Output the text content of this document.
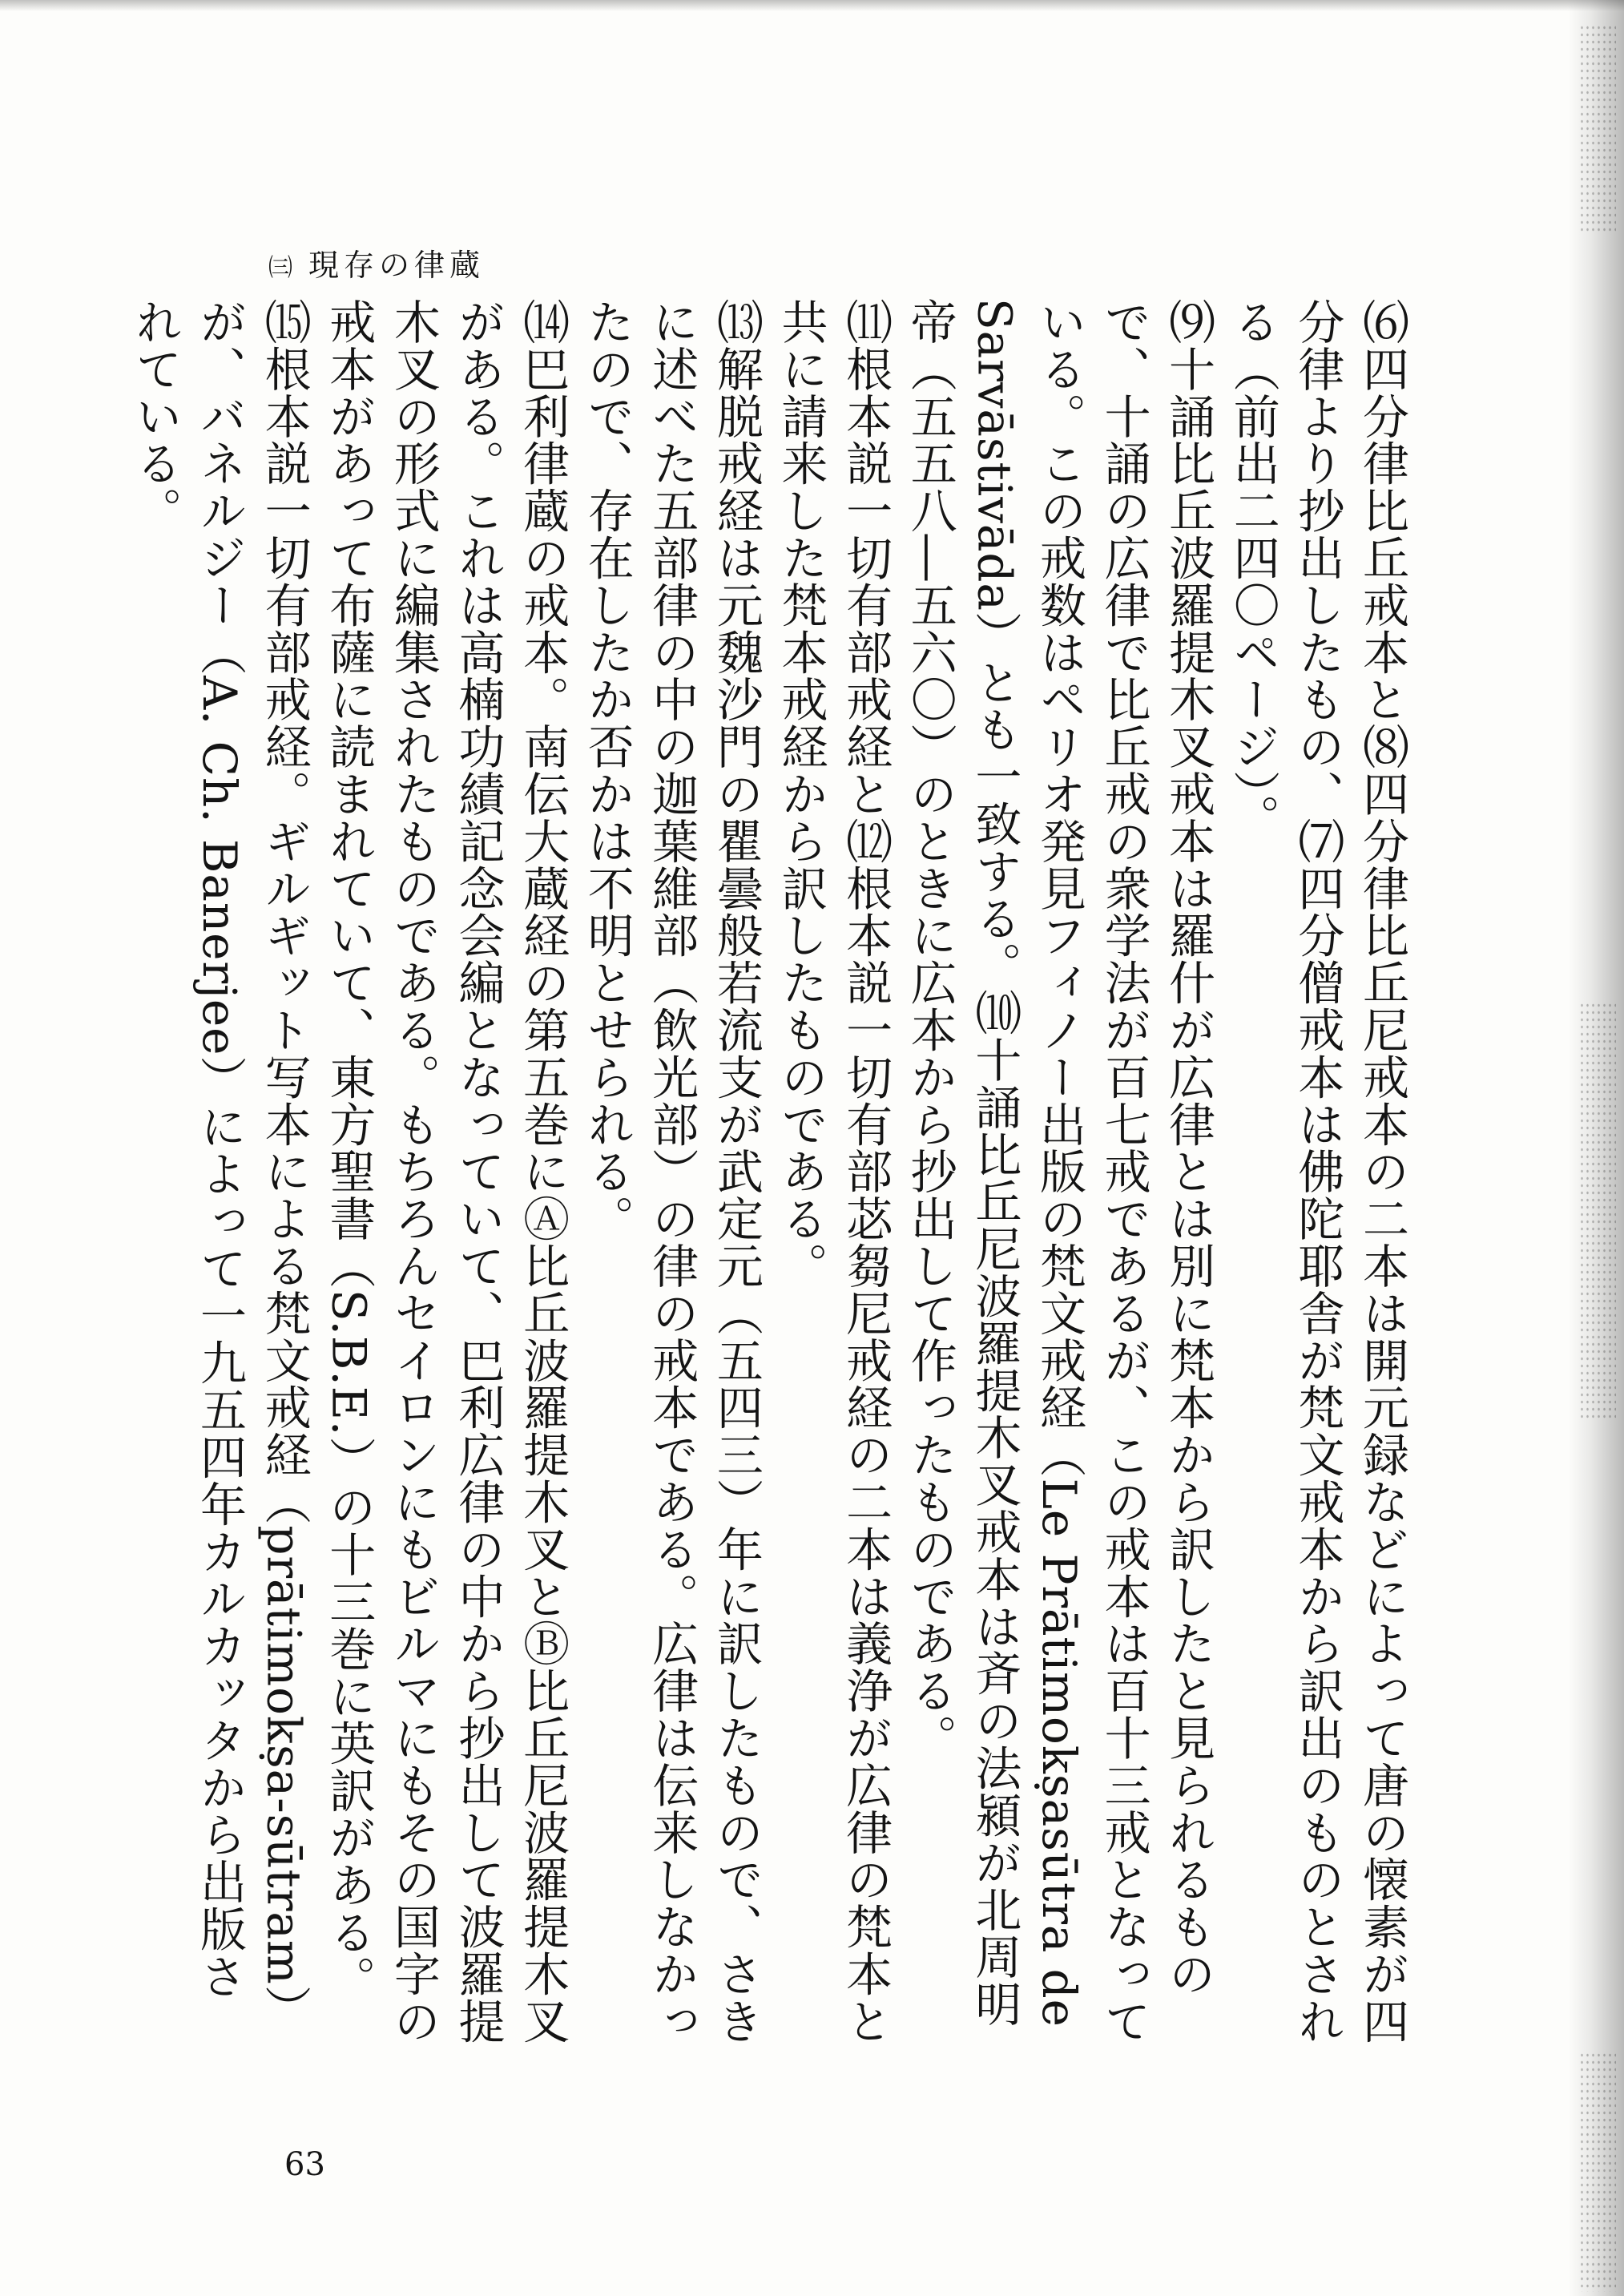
㈢ 現存の律蔵

⑹四分律比丘戒本と⑻四分律比丘尼戒本の二本は開元録などによって唐の懐素が四分律より抄出したもの、⑺四分僧戒本は佛陀耶舎が梵文戒本から訳出のものとされる（前出二四〇ページ）。

⑼十誦比丘波羅提木叉戒本は羅什が広律とは別に梵本から訳したと見られるもので、十誦の広律で比丘戒の衆学法が百七戒であるが、この戒本は百十三戒となっている。この戒数はペリオ発見フィノー出版の梵文戒経（Le Prātimokṣasūtra de Sarvāstivāda）とも一致する。⑽十誦比丘尼波羅提木叉戒本は斉の法潁が北周明帝（五五八―五六〇）のときに広本から抄出して作ったものである。

⑾根本説一切有部戒経と⑿根本説一切有部苾芻尼戒経の二本は義浄が広律の梵本と共に請来した梵本戒経から訳したものである。

⒀解脱戒経は元魏沙門の瞿曇般若流支が武定元（五四三）年に訳したもので、さきに述べた五部律の中の迦葉維部（飲光部）の律の戒本である。広律は伝来しなかったので、存在したか否かは不明とせられる。

⒁巴利律蔵の戒本。南伝大蔵経の第五巻にⒶ比丘波羅提木叉とⒷ比丘尼波羅提木叉がある。これは高楠功績記念会編となっていて、巴利広律の中から抄出して波羅提木叉の形式に編集されたものである。もちろんセイロンにもビルマにもその国字の戒本があって布薩に読まれていて、東方聖書（S.B.E.）の十三巻に英訳がある。

⒂根本説一切有部戒経。ギルギット写本による梵文戒経（prātimokṣa-sūtram）が、バネルジー（A. Ch. Banerjee）によって一九五四年カルカッタから出版されている。

63
